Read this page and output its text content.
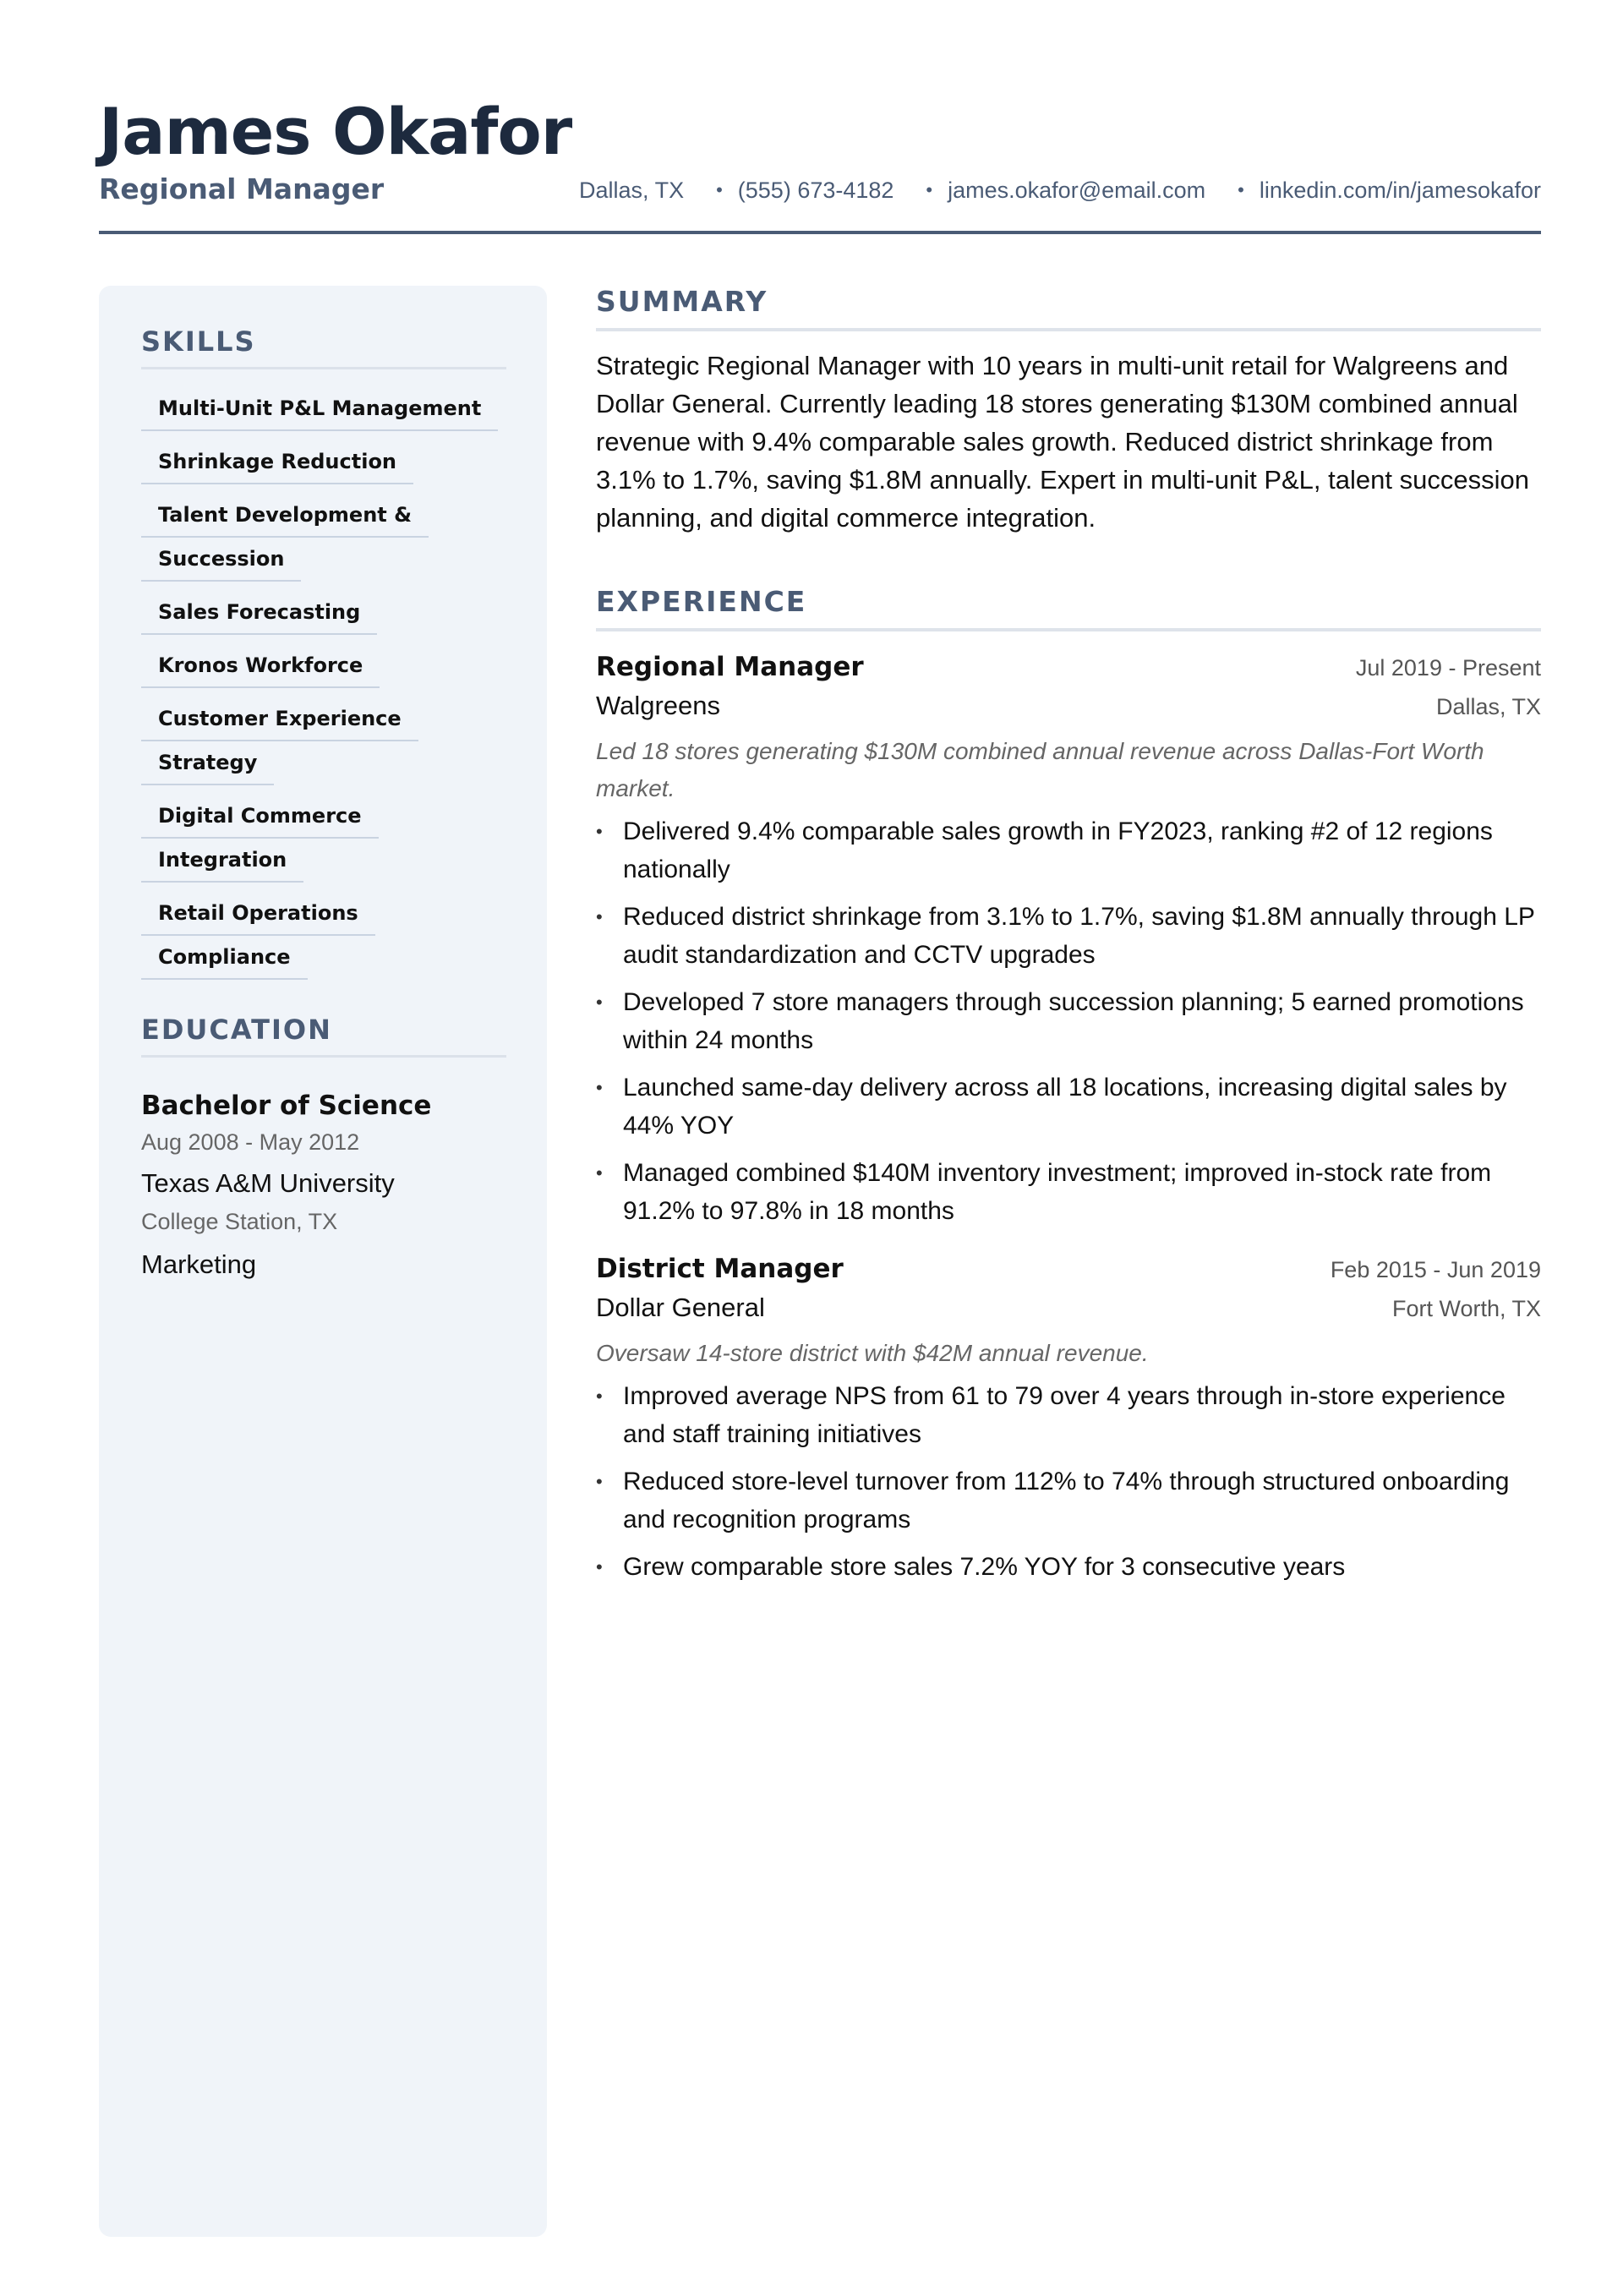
James Okafor
Regional Manager	Dallas, TX	• (555) 673-4182	• james.okafor@email.com	• linkedin.com/in/jamesokafor
SKILLS
Multi-Unit P&L Management
Shrinkage Reduction
Talent Development &
Succession
Sales Forecasting
Kronos Workforce
Customer Experience
Strategy
Digital Commerce
Integration
Retail Operations
Compliance
EDUCATION
Bachelor of Science
Aug 2008 - May 2012
Texas A&M University
College Station, TX
Marketing
SUMMARY

Strategic Regional Manager with 10 years in multi-unit retail for Walgreens and Dollar General. Currently leading 18 stores generating $130M combined annual revenue with 9.4% comparable sales growth. Reduced district shrinkage from 3.1% to 1.7%, saving $1.8M annually. Expert in multi-unit P&L, talent succession planning, and digital commerce integration.

EXPERIENCE
Regional Manager	Jul 2019 - Present
Walgreens	Dallas, TX
Led 18 stores generating $130M combined annual revenue across Dallas-Fort Worth market.
• Delivered 9.4% comparable sales growth in FY2023, ranking #2 of 12 regions nationally
• Reduced district shrinkage from 3.1% to 1.7%, saving $1.8M annually through LP audit standardization and CCTV upgrades
• Developed 7 store managers through succession planning; 5 earned promotions within 24 months
• Launched same-day delivery across all 18 locations, increasing digital sales by 44% YOY
• Managed combined $140M inventory investment; improved in-stock rate from 91.2% to 97.8% in 18 months
District Manager	Feb 2015 - Jun 2019
Dollar General	Fort Worth, TX
Oversaw 14-store district with $42M annual revenue.
• Improved average NPS from 61 to 79 over 4 years through in-store experience and staff training initiatives
• Reduced store-level turnover from 112% to 74% through structured onboarding and recognition programs
• Grew comparable store sales 7.2% YOY for 3 consecutive years
